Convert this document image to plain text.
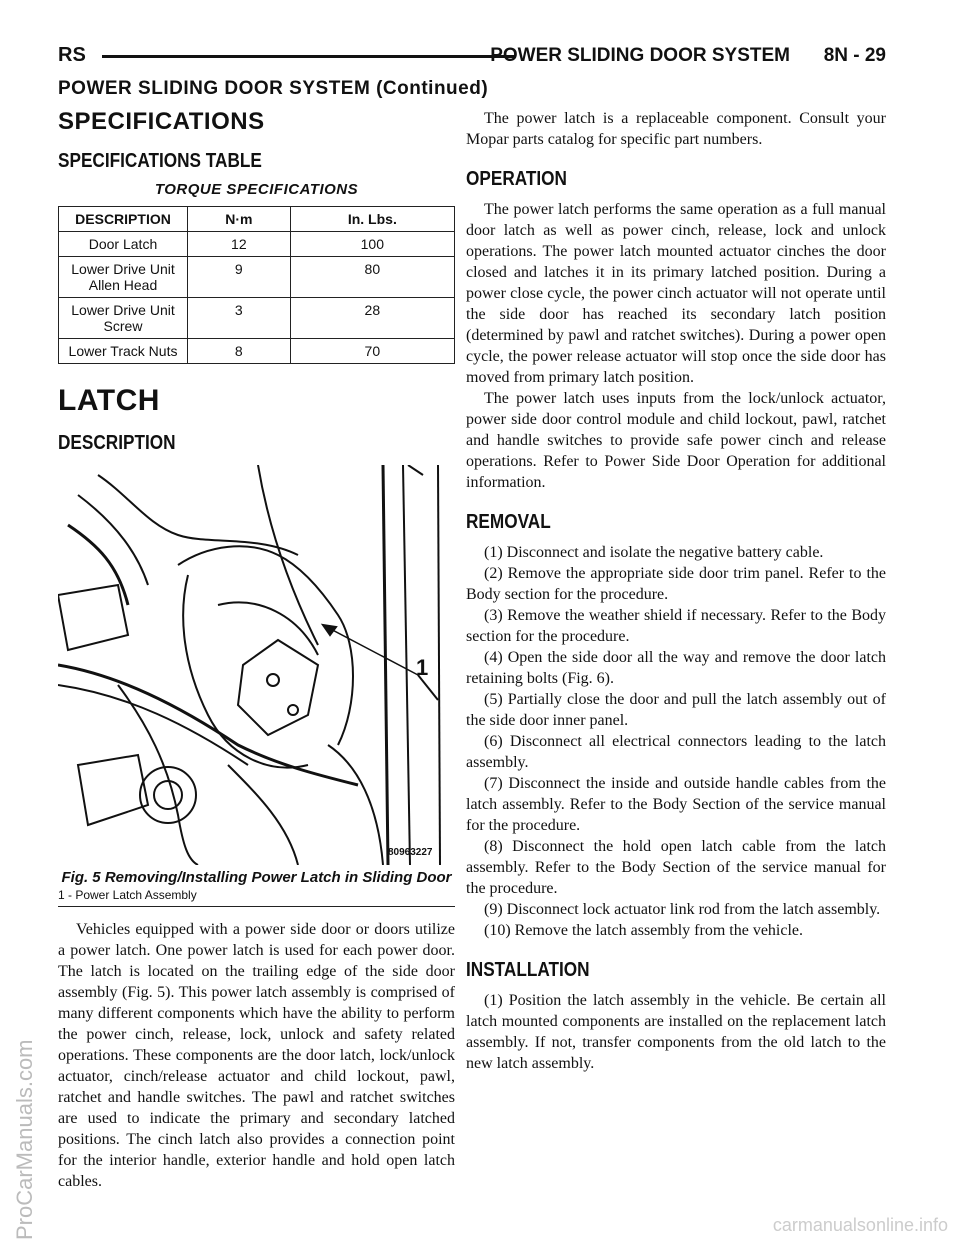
RS	POWER SLIDING DOOR SYSTEM 8N - 29
POWER SLIDING DOOR SYSTEM (Continued)
SPECIFICATIONS
SPECIFICATIONS TABLE
TORQUE SPECIFICATIONS
DESCRIPTION	N·m	In. Lbs.
Door Latch	12	100
Lower Drive Unit Allen Head	9	80
Lower Drive Unit Screw	3	28
Lower Track Nuts	8	70
LATCH
DESCRIPTION
1
80963227
Fig. 5 Removing/Installing Power Latch in Sliding Door
1 - Power Latch Assembly

Vehicles equipped with a power side door or doors utilize a power latch. One power latch is used for each power door. The latch is located on the trailing edge of the side door assembly (Fig. 5). This power latch assembly is comprised of many different components which have the ability to perform the power cinch, release, lock, unlock and safety related operations. These components are the door latch, lock/unlock actuator, cinch/release actuator and child lockout, pawl, ratchet and handle switches. The pawl and ratchet switches are used to indicate the primary and secondary latched positions. The cinch latch also provides a connection point for the interior handle, exterior handle and hold open latch cables.

The power latch is a replaceable component. Consult your Mopar parts catalog for specific part numbers.

OPERATION

The power latch performs the same operation as a full manual door latch as well as power cinch, release, lock and unlock operations. The power latch mounted actuator cinches the door closed and latches it in its primary latched position. During a power close cycle, the power cinch actuator will not operate until the side door has reached its secondary latch position (determined by pawl and ratchet switches). During a power open cycle, the power release actuator will stop once the side door has moved from primary latch position.

The power latch uses inputs from the lock/unlock actuator, power side door control module and child lockout, pawl, ratchet and handle switches to provide safe power cinch and release operations. Refer to Power Side Door Operation for additional information.

REMOVAL

(1) Disconnect and isolate the negative battery cable.

(2) Remove the appropriate side door trim panel. Refer to the Body section for the procedure.

(3) Remove the weather shield if necessary. Refer to the Body section for the procedure.

(4) Open the side door all the way and remove the door latch retaining bolts (Fig. 6).

(5) Partially close the door and pull the latch assembly out of the side door inner panel.

(6) Disconnect all electrical connectors leading to the latch assembly.

(7) Disconnect the inside and outside handle cables from the latch assembly. Refer to the Body Section of the service manual for the procedure.

(8) Disconnect the hold open latch cable from the latch assembly. Refer to the Body Section of the service manual for the procedure.

(9) Disconnect lock actuator link rod from the latch assembly.

(10) Remove the latch assembly from the vehicle.

INSTALLATION

(1) Position the latch assembly in the vehicle. Be certain all latch mounted components are installed on the replacement latch assembly. If not, transfer components from the old latch to the new latch assembly.

ProCarManuals.com	carmanualsonline.info
